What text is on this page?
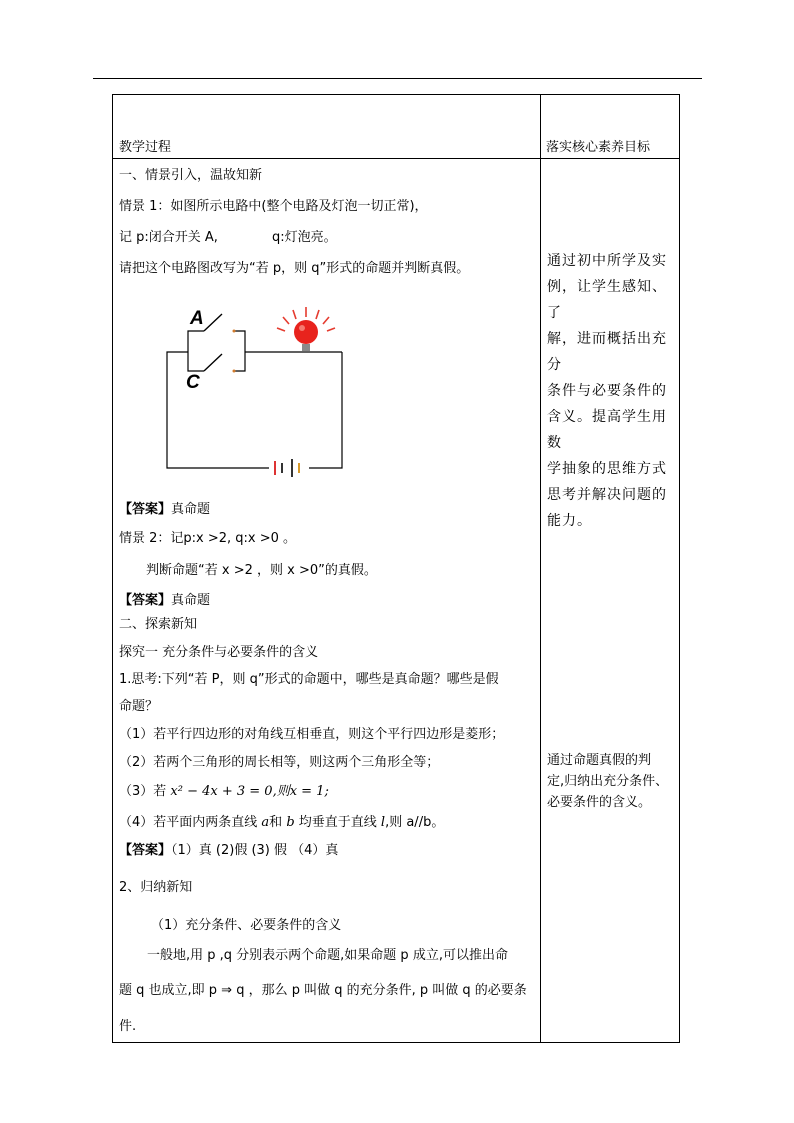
教学过程	落实核心素养目标
一、情景引入，温故知新
情景 1：如图所示电路中(整个电路及灯泡一切正常)，
记 p:闭合开关 A,	q:灯泡亮。
请把这个电路图改写为“若 p，则 q”形式的命题并判断真假。
A
C
【答案】真命题
情景 2：记p:x >2, q:x >0 。
判断命题“若 x >2 ，则 x >0”的真假。
【答案】真命题
二、探索新知
探究一 充分条件与必要条件的含义
1.思考:下列“若 P，则 q”形式的命题中，哪些是真命题？哪些是假
命题？
（1）若平行四边形的对角线互相垂直，则这个平行四边形是菱形；
（2）若两个三角形的周长相等，则这两个三角形全等；
（3）若 x² − 4x + 3 = 0,则x = 1;
（4）若平面内两条直线 a和 b 均垂直于直线 l,则 a//b。
【答案】（1）真 (2)假 (3) 假 （4）真
2、归纳新知
（1）充分条件、必要条件的含义
一般地,用 p ,q 分别表示两个命题,如果命题 p 成立,可以推出命
题 q 也成立,即 p ⇒ q ，那么 p 叫做 q 的充分条件, p 叫做 q 的必要条
件.
通过初中所学及实
例，让学生感知、了
解，进而概括出充分
条件与必要条件的
含义。提高学生用数
学抽象的思维方式
思考并解决问题的
能力。
通过命题真假的判
定,归纳出充分条件、
必要条件的含义。
